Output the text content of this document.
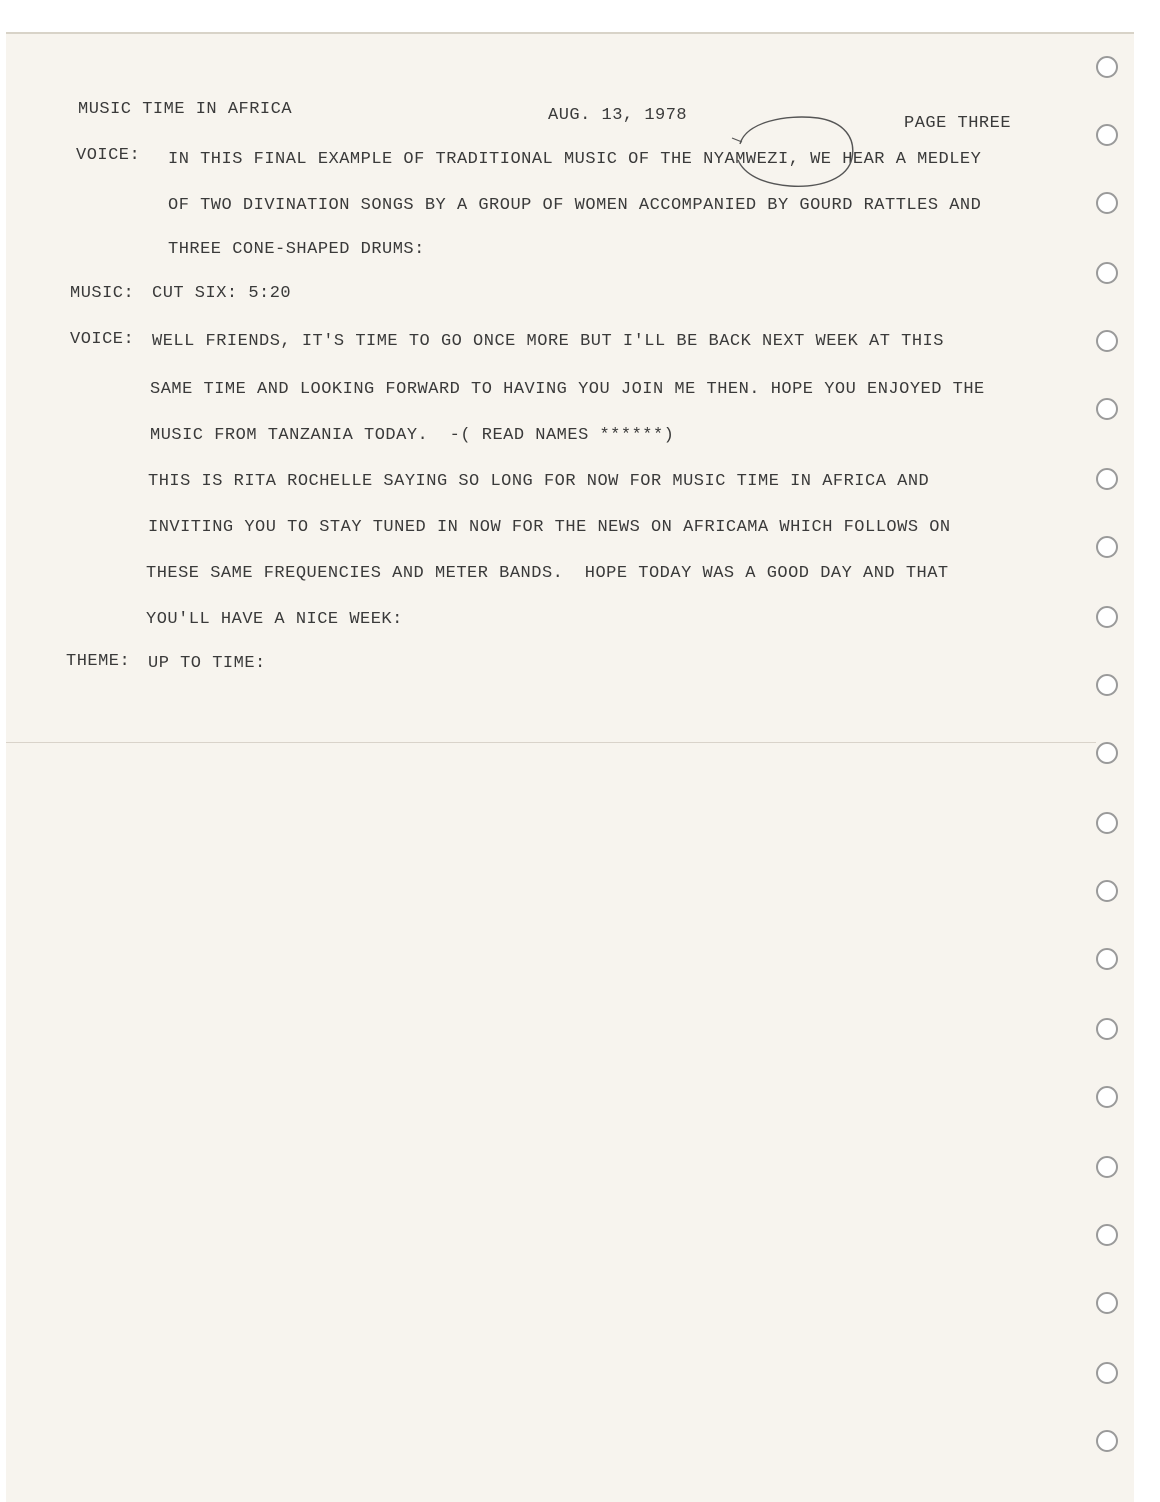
MUSIC TIME IN AFRICA	AUG. 13, 1978	PAGE THREE
VOICE: IN THIS FINAL EXAMPLE OF TRADITIONAL MUSIC OF THE NYAMWEZI, WE HEAR A MEDLEY
OF TWO DIVINATION SONGS BY A GROUP OF WOMEN ACCOMPANIED BY GOURD RATTLES AND
THREE CONE-SHAPED DRUMS:
MUSIC: CUT SIX: 5:20
VOICE: WELL FRIENDS, IT'S TIME TO GO ONCE MORE BUT I'LL BE BACK NEXT WEEK AT THIS
SAME TIME AND LOOKING FORWARD TO HAVING YOU JOIN ME THEN. HOPE YOU ENJOYED THE
MUSIC FROM TANZANIA TODAY.  -( READ NAMES ******)
THIS IS RITA ROCHELLE SAYING SO LONG FOR NOW FOR MUSIC TIME IN AFRICA AND
INVITING YOU TO STAY TUNED IN NOW FOR THE NEWS ON AFRICAMA WHICH FOLLOWS ON
THESE SAME FREQUENCIES AND METER BANDS.  HOPE TODAY WAS A GOOD DAY AND THAT
YOU'LL HAVE A NICE WEEK:
THEME: UP TO TIME:
